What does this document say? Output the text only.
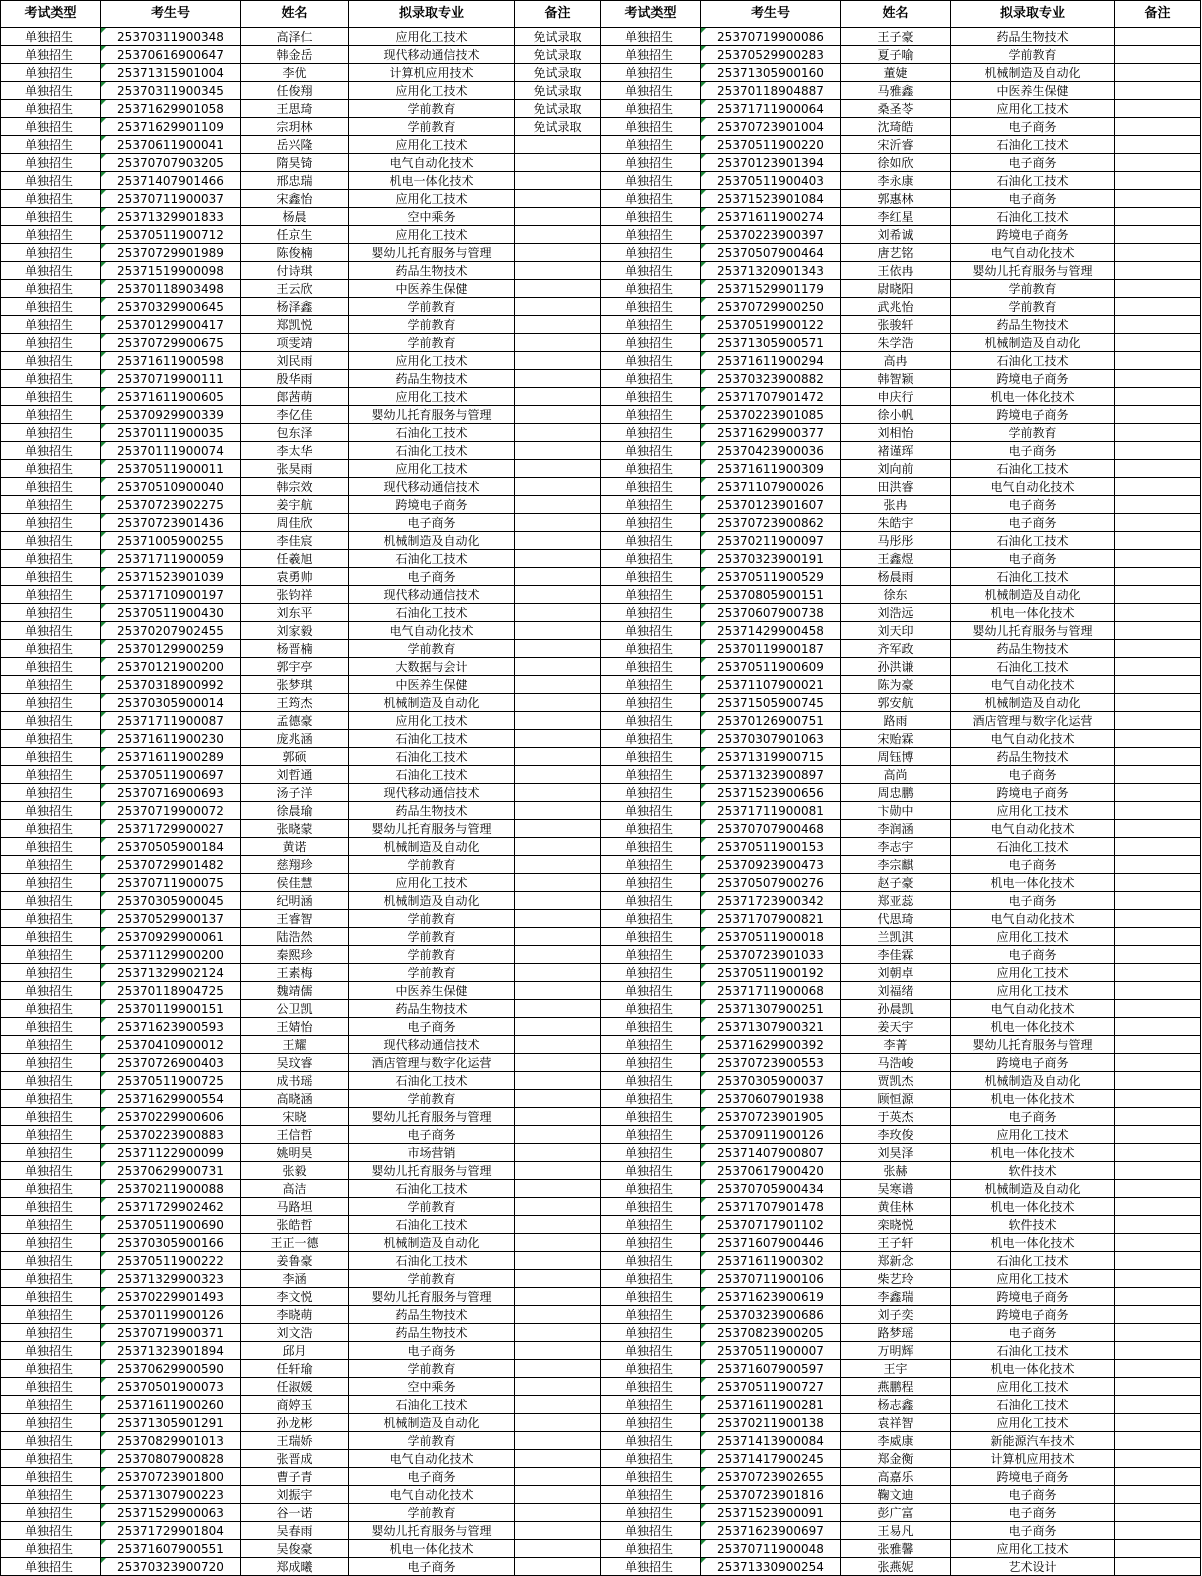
考试类型	考生号	姓名	拟录取专业	备注	考试类型	考生号	姓名	拟录取专业	备注
单独招生	25370311900348	高泽仁	应用化工技术	免试录取	单独招生	25370719900086	王子豪	药品生物技术	
单独招生	25370616900647	韩金岳	现代移动通信技术	免试录取	单独招生	25370529900283	夏子喻	学前教育	
单独招生	25371315901004	李优	计算机应用技术	免试录取	单独招生	25371305900160	董婕	机械制造及自动化	
单独招生	25370311900345	任俊翔	应用化工技术	免试录取	单独招生	25370118904887	马雅鑫	中医养生保健	
单独招生	25371629901058	王思琦	学前教育	免试录取	单独招生	25371711900064	桑圣苓	应用化工技术	
单独招生	25371629901109	宗玥林	学前教育	免试录取	单独招生	25370723901004	沈琦皓	电子商务	
单独招生	25370611900041	岳兴隆	应用化工技术		单独招生	25370511900220	宋沂睿	石油化工技术	
单独招生	25370707903205	隋昊锜	电气自动化技术		单独招生	25370123901394	徐如欣	电子商务	
单独招生	25371407901466	邢忠瑞	机电一体化技术		单独招生	25370511900403	李永康	石油化工技术	
单独招生	25370711900037	宋鑫怡	应用化工技术		单独招生	25371523901084	郭惠林	电子商务	
单独招生	25371329901833	杨晨	空中乘务		单独招生	25371611900274	李红星	石油化工技术	
单独招生	25370511900712	任京生	应用化工技术		单独招生	25370223900397	刘希诚	跨境电子商务	
单独招生	25370729901989	陈俊楠	婴幼儿托育服务与管理		单独招生	25370507900464	唐艺铭	电气自动化技术	
单独招生	25371519900098	付诗琪	药品生物技术		单独招生	25371320901343	王依冉	婴幼儿托育服务与管理	
单独招生	25370118903498	王云欣	中医养生保健		单独招生	25371529901179	尉晓阳	学前教育	
单独招生	25370329900645	杨泽鑫	学前教育		单独招生	25370729900250	武兆怡	学前教育	
单独招生	25370129900417	郑凯悦	学前教育		单独招生	25370519900122	张骏轩	药品生物技术	
单独招生	25370729900675	项雯靖	学前教育		单独招生	25371305900571	朱学浩	机械制造及自动化	
单独招生	25371611900598	刘民雨	应用化工技术		单独招生	25371611900294	高冉	石油化工技术	
单独招生	25370719900111	殷华雨	药品生物技术		单独招生	25370323900882	韩智颖	跨境电子商务	
单独招生	25371611900605	郎茜萌	应用化工技术		单独招生	25371707901472	申庆行	机电一体化技术	
单独招生	25370929900339	李亿佳	婴幼儿托育服务与管理		单独招生	25370223901085	徐小帆	跨境电子商务	
单独招生	25370111900035	包东泽	石油化工技术		单独招生	25371629900377	刘相怡	学前教育	
单独招生	25370111900074	李太华	石油化工技术		单独招生	25370423900036	褚谨珲	电子商务	
单独招生	25370511900011	张昊雨	应用化工技术		单独招生	25371611900309	刘向前	石油化工技术	
单独招生	25370510900040	韩宗效	现代移动通信技术		单独招生	25371107900026	田洪睿	电气自动化技术	
单独招生	25370723902275	姜宇航	跨境电子商务		单独招生	25370123901607	张冉	电子商务	
单独招生	25370723901436	周佳欣	电子商务		单独招生	25370723900862	朱皓宇	电子商务	
单独招生	25371005900255	李佳宸	机械制造及自动化		单独招生	25370211900097	马彤彤	石油化工技术	
单独招生	25371711900059	任羲旭	石油化工技术		单独招生	25370323900191	王鑫煜	电子商务	
单独招生	25371523901039	袁勇帅	电子商务		单独招生	25370511900529	杨晨雨	石油化工技术	
单独招生	25371710900197	张钧祥	现代移动通信技术		单独招生	25370805900151	徐东	机械制造及自动化	
单独招生	25370511900430	刘东平	石油化工技术		单独招生	25370607900738	刘浩远	机电一体化技术	
单独招生	25370207902455	刘家毅	电气自动化技术		单独招生	25371429900458	刘天印	婴幼儿托育服务与管理	
单独招生	25370129900259	杨晋楠	学前教育		单独招生	25370119900187	齐军政	药品生物技术	
单独招生	25370121900200	郭宇亭	大数据与会计		单独招生	25370511900609	孙洪谦	石油化工技术	
单独招生	25370318900992	张梦琪	中医养生保健		单独招生	25371107900021	陈为豪	电气自动化技术	
单独招生	25370305900014	王筠杰	机械制造及自动化		单独招生	25371505900745	郭安航	机械制造及自动化	
单独招生	25371711900087	孟德豪	应用化工技术		单独招生	25370126900751	路雨	酒店管理与数字化运营	
单独招生	25371611900230	庞兆涵	石油化工技术		单独招生	25370307901063	宋贻霖	电气自动化技术	
单独招生	25371611900289	郭硕	石油化工技术		单独招生	25371319900715	周钰博	药品生物技术	
单独招生	25370511900697	刘哲通	石油化工技术		单独招生	25371323900897	高尚	电子商务	
单独招生	25370716900693	汤子洋	现代移动通信技术		单独招生	25371523900656	周忠鹏	跨境电子商务	
单独招生	25370719900072	徐晨瑜	药品生物技术		单独招生	25371711900081	卞勋中	应用化工技术	
单独招生	25371729900027	张晓蒙	婴幼儿托育服务与管理		单独招生	25370707900468	李润涵	电气自动化技术	
单独招生	25370505900184	黄诺	机械制造及自动化		单独招生	25370511900153	李志宇	石油化工技术	
单独招生	25370729901482	慈翔珍	学前教育		单独招生	25370923900473	李宗麒	电子商务	
单独招生	25370711900075	侯佳慧	应用化工技术		单独招生	25370507900276	赵子豪	机电一体化技术	
单独招生	25370305900045	纪明涵	机械制造及自动化		单独招生	25371723900342	郑亚蕊	电子商务	
单独招生	25370529900137	王睿智	学前教育		单独招生	25371707900821	代思琦	电气自动化技术	
单独招生	25370929900061	陆浩然	学前教育		单独招生	25370511900018	兰凯淇	应用化工技术	
单独招生	25371129900200	秦熙珍	学前教育		单独招生	25370723901033	李佳霖	电子商务	
单独招生	25371329902124	王素梅	学前教育		单独招生	25370511900192	刘朝卓	应用化工技术	
单独招生	25370118904725	魏靖儒	中医养生保健		单独招生	25371711900068	刘福绪	应用化工技术	
单独招生	25370119900151	公卫凯	药品生物技术		单独招生	25371307900251	孙晨凯	电气自动化技术	
单独招生	25371623900593	王婧怡	电子商务		单独招生	25371307900321	姜天宇	机电一体化技术	
单独招生	25370410900012	王耀	现代移动通信技术		单独招生	25371629900392	李菁	婴幼儿托育服务与管理	
单独招生	25370726900403	吴玟睿	酒店管理与数字化运营		单独招生	25370723900553	马浩峻	跨境电子商务	
单独招生	25370511900725	成书瑶	石油化工技术		单独招生	25370305900037	贾凯杰	机械制造及自动化	
单独招生	25371629900554	高晓涵	学前教育		单独招生	25370607901938	顾恒源	机电一体化技术	
单独招生	25370229900606	宋晓	婴幼儿托育服务与管理		单独招生	25370723901905	于英杰	电子商务	
单独招生	25370223900883	王信哲	电子商务		单独招生	25370911900126	李玫俊	应用化工技术	
单独招生	25371122900099	姚明昊	市场营销		单独招生	25371407900807	刘昊泽	机电一体化技术	
单独招生	25370629900731	张毅	婴幼儿托育服务与管理		单独招生	25370617900420	张赫	软件技术	
单独招生	25370211900088	高洁	石油化工技术		单独招生	25370705900434	吴寒谱	机械制造及自动化	
单独招生	25371729902462	马路坦	学前教育		单独招生	25371707901478	黄佳林	机电一体化技术	
单独招生	25370511900690	张皓哲	石油化工技术		单独招生	25370717901102	栾晓悦	软件技术	
单独招生	25370305900166	王正一德	机械制造及自动化		单独招生	25371607900446	王子轩	机电一体化技术	
单独招生	25370511900222	姜鲁豪	石油化工技术		单独招生	25371611900302	郑新念	石油化工技术	
单独招生	25371329900323	李涵	学前教育		单独招生	25370711900106	柴艺玲	应用化工技术	
单独招生	25370229901493	李文悦	婴幼儿托育服务与管理		单独招生	25371623900619	李鑫瑞	跨境电子商务	
单独招生	25370119900126	李晓萌	药品生物技术		单独招生	25370323900686	刘子奕	跨境电子商务	
单独招生	25370719900371	刘文浩	药品生物技术		单独招生	25370823900205	路梦瑶	电子商务	
单独招生	25371323901894	邱月	电子商务		单独招生	25370511900007	万明辉	石油化工技术	
单独招生	25370629900590	任轩瑜	学前教育		单独招生	25371607900597	王宇	机电一体化技术	
单独招生	25370501900073	任淑媛	空中乘务		单独招生	25370511900727	燕鹏程	应用化工技术	
单独招生	25371611900260	商婷玉	石油化工技术		单独招生	25371611900281	杨志鑫	石油化工技术	
单独招生	25371305901291	孙龙彬	机械制造及自动化		单独招生	25370211900138	袁祥智	应用化工技术	
单独招生	25370829901013	王瑞娇	学前教育		单独招生	25371413900084	李威康	新能源汽车技术	
单独招生	25370807900828	张晋成	电气自动化技术		单独招生	25371417900245	郑金衡	计算机应用技术	
单独招生	25370723901800	曹子青	电子商务		单独招生	25370723902655	高嘉乐	跨境电子商务	
单独招生	25371307900223	刘振宇	电气自动化技术		单独招生	25370723901816	鞠文迪	电子商务	
单独招生	25371529900063	谷一诺	学前教育		单独招生	25371523900091	彭广富	电子商务	
单独招生	25371729901804	吴春雨	婴幼儿托育服务与管理		单独招生	25371623900697	王易凡	电子商务	
单独招生	25371607900551	吴俊豪	机电一体化技术		单独招生	25370711900048	张雅馨	应用化工技术	
单独招生	25370323900720	郑成曦	电子商务		单独招生	25371330900254	张燕妮	艺术设计	
